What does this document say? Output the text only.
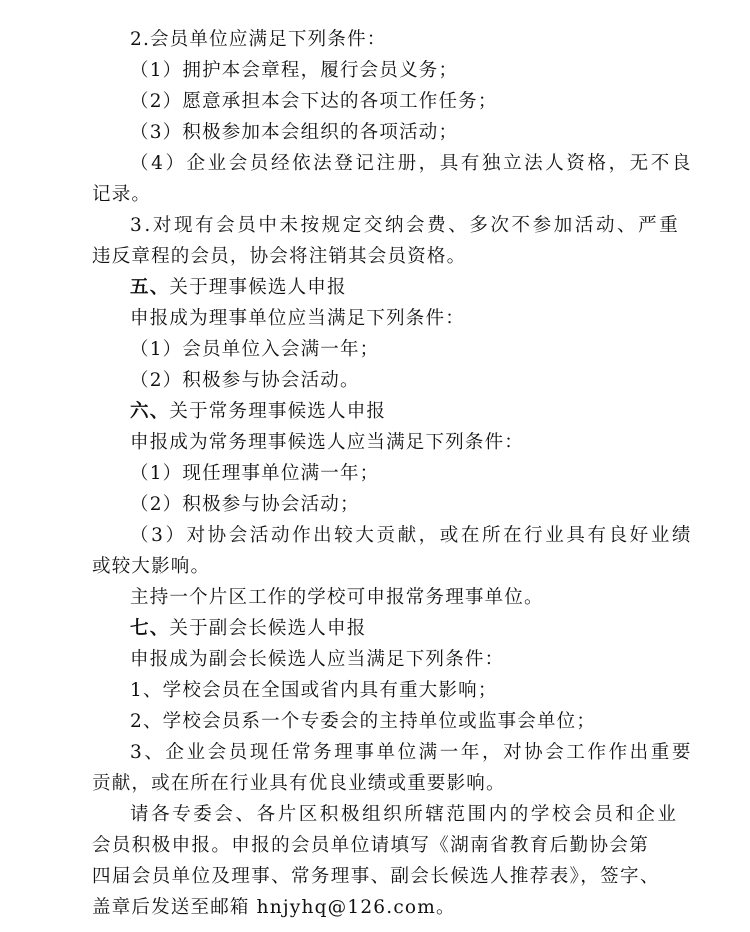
2.会员单位应满足下列条件：
（1）拥护本会章程，履行会员义务；
（2）愿意承担本会下达的各项工作任务；
（3）积极参加本会组织的各项活动；
（4）企业会员经依法登记注册，具有独立法人资格，无不良
记录。
3.对现有会员中未按规定交纳会费、多次不参加活动、严重
违反章程的会员，协会将注销其会员资格。
五、关于理事候选人申报
申报成为理事单位应当满足下列条件：
（1）会员单位入会满一年；
（2）积极参与协会活动。
六、关于常务理事候选人申报
申报成为常务理事候选人应当满足下列条件：
（1）现任理事单位满一年；
（2）积极参与协会活动；
（3）对协会活动作出较大贡献，或在所在行业具有良好业绩
或较大影响。
主持一个片区工作的学校可申报常务理事单位。
七、关于副会长候选人申报
申报成为副会长候选人应当满足下列条件：
1、学校会员在全国或省内具有重大影响；
2、学校会员系一个专委会的主持单位或监事会单位；
3、企业会员现任常务理事单位满一年，对协会工作作出重要
贡献，或在所在行业具有优良业绩或重要影响。
请各专委会、各片区积极组织所辖范围内的学校会员和企业
会员积极申报。申报的会员单位请填写《湖南省教育后勤协会第
四届会员单位及理事、常务理事、副会长候选人推荐表》，签字、
盖章后发送至邮箱 hnjyhq@126.com。
